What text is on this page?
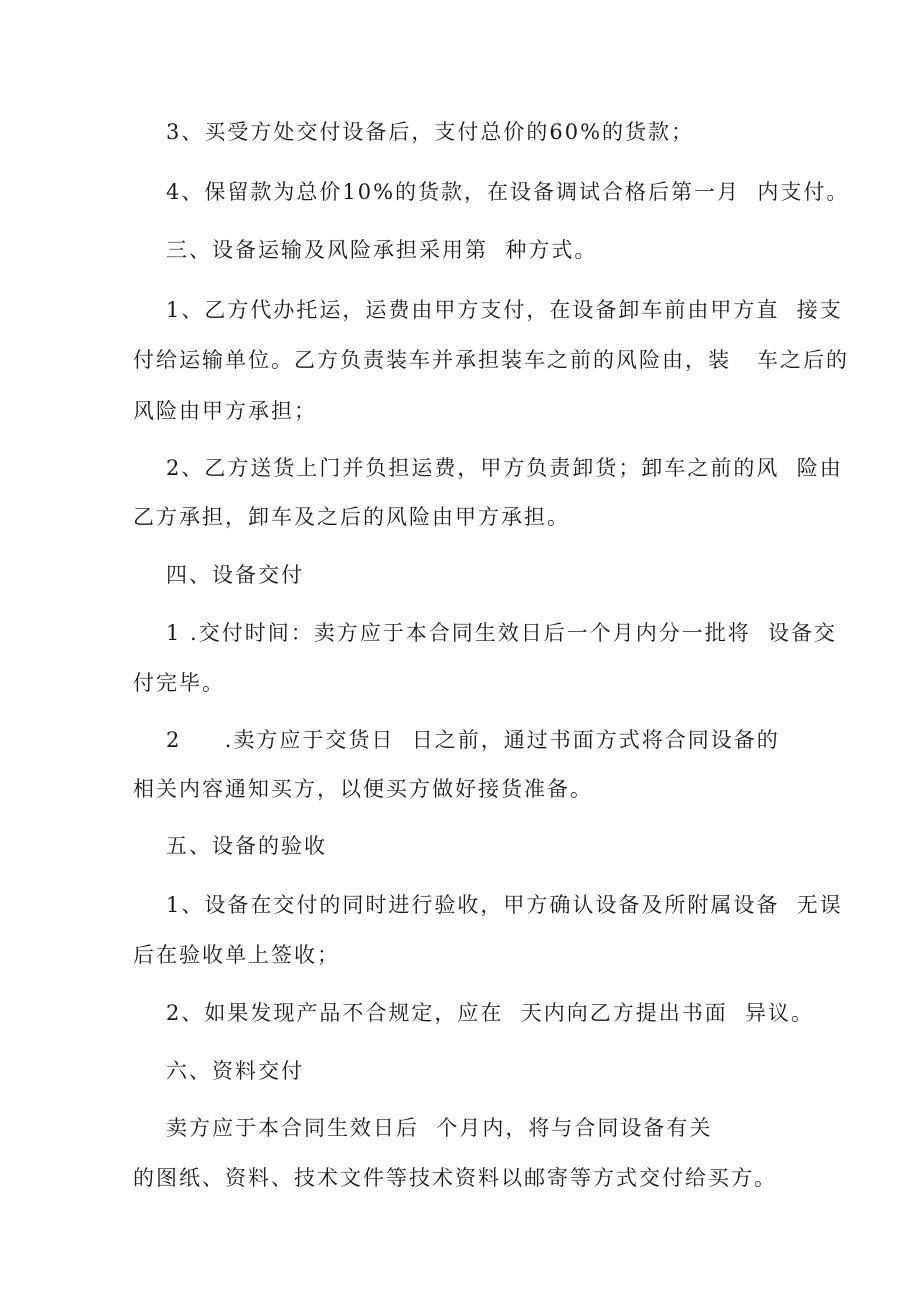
3、买受方处交付设备后，支付总价的60%的货款；
4、保留款为总价10%的货款，在设备调试合格后第一月  内支付。
三、设备运输及风险承担采用第  种方式。
1、乙方代办托运，运费由甲方支付，在设备卸车前由甲方直  接支
付给运输单位。乙方负责装车并承担装车之前的风险由，装   车之后的
风险由甲方承担；
2、乙方送货上门并负担运费，甲方负责卸货；卸车之前的风  险由
乙方承担，卸车及之后的风险由甲方承担。
四、设备交付
1 .交付时间：卖方应于本合同生效日后一个月内分一批将  设备交
付完毕。
2     .卖方应于交货日  日之前，通过书面方式将合同设备的
相关内容通知买方，以便买方做好接货准备。
五、设备的验收
1、设备在交付的同时进行验收，甲方确认设备及所附属设备  无误
后在验收单上签收；
2、如果发现产品不合规定，应在  天内向乙方提出书面  异议。
六、资料交付
卖方应于本合同生效日后  个月内，将与合同设备有关
的图纸、资料、技术文件等技术资料以邮寄等方式交付给买方。
